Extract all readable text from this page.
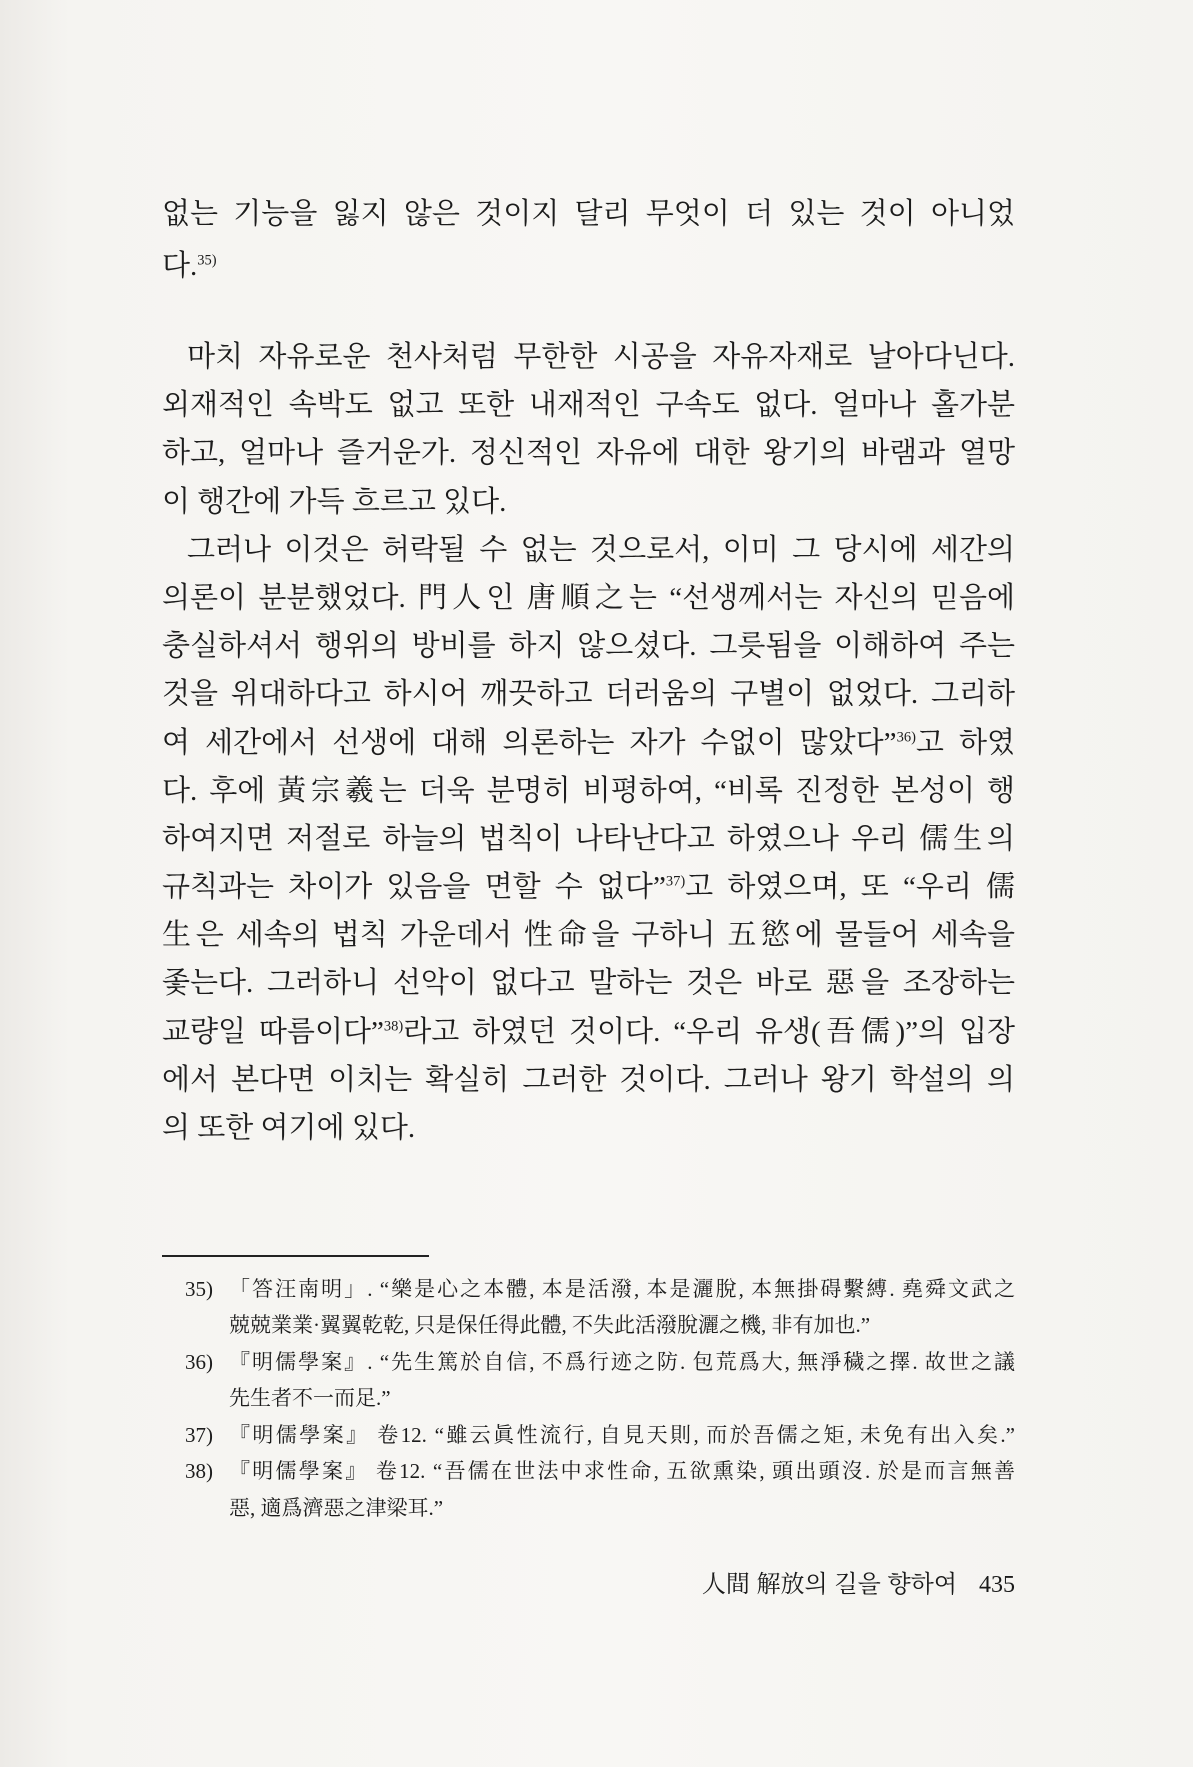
없는 기능을 잃지 않은 것이지 달리 무엇이 더 있는 것이 아니었
다.$^{35)}$
마치 자유로운 천사처럼 무한한 시공을 자유자재로 날아다닌다.
외재적인 속박도 없고 또한 내재적인 구속도 없다. 얼마나 홀가분
하고, 얼마나 즐거운가. 정신적인 자유에 대한 왕기의 바램과 열망
이 행간에 가득 흐르고 있다.
그러나 이것은 허락될 수 없는 것으로서, 이미 그 당시에 세간의
의론이 분분했었다. 門人인 唐順之는 “선생께서는 자신의 믿음에
충실하셔서 행위의 방비를 하지 않으셨다. 그릇됨을 이해하여 주는
것을 위대하다고 하시어 깨끗하고 더러움의 구별이 없었다. 그리하
여 세간에서 선생에 대해 의론하는 자가 수없이 많았다”$^{36)}$고 하였
다. 후에 黃宗羲는 더욱 분명히 비평하여, “비록 진정한 본성이 행
하여지면 저절로 하늘의 법칙이 나타난다고 하였으나 우리 儒生의
규칙과는 차이가 있음을 면할 수 없다”$^{37)}$고 하였으며, 또 “우리 儒
生은 세속의 법칙 가운데서 性命을 구하니 五慾에 물들어 세속을
좇는다. 그러하니 선악이 없다고 말하는 것은 바로 惡을 조장하는
교량일 따름이다”$^{38)}$라고 하였던 것이다. “우리 유생(吾儒)”의 입장
에서 본다면 이치는 확실히 그러한 것이다. 그러나 왕기 학설의 의
의 또한 여기에 있다.
35) 「答汪南明」. “樂是心之本體, 本是活潑, 本是灑脫, 本無掛碍繫縛. 堯舜文武之
兢兢業業·翼翼乾乾, 只是保任得此體, 不失此活潑脫灑之機, 非有加也.”
36) 『明儒學案』. “先生篤於自信, 不爲行迹之防. 包荒爲大, 無淨穢之擇. 故世之議
先生者不一而足.”
37) 『明儒學案』 卷12. “雖云眞性流行, 自見天則, 而於吾儒之矩, 未免有出入矣.”
38) 『明儒學案』 卷12. “吾儒在世法中求性命, 五欲熏染, 頭出頭沒. 於是而言無善
惡, 適爲濟惡之津梁耳.”
人間 解放의 길을 향하여 435
